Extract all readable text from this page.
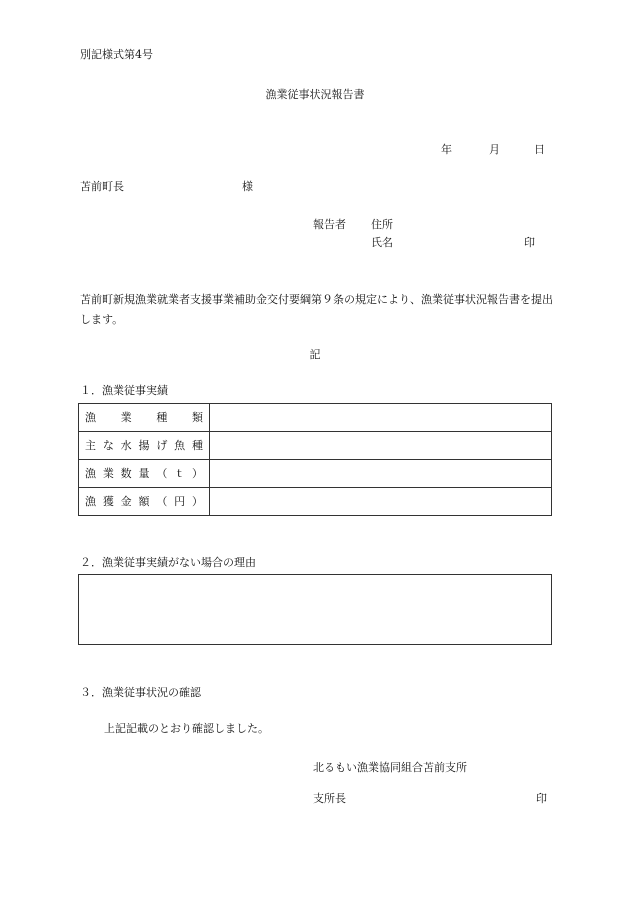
別記様式第4号
漁業従事状況報告書
年	月	日
苫前町長	様
報告者 住所
氏名	印
苫前町新規漁業就業者支援事業補助金交付要綱第９条の規定により、漁業従事状況報告書を提出します。
記
１．漁業従事実績
漁業種類	

主な水揚げ魚種	

漁業数量（ｔ）	

漁獲金額（円）	

２．漁業従事実績がない場合の理由
３．漁業従事状況の確認
上記記載のとおり確認しました。
北るもい漁業協同組合苫前支所
支所長	印
